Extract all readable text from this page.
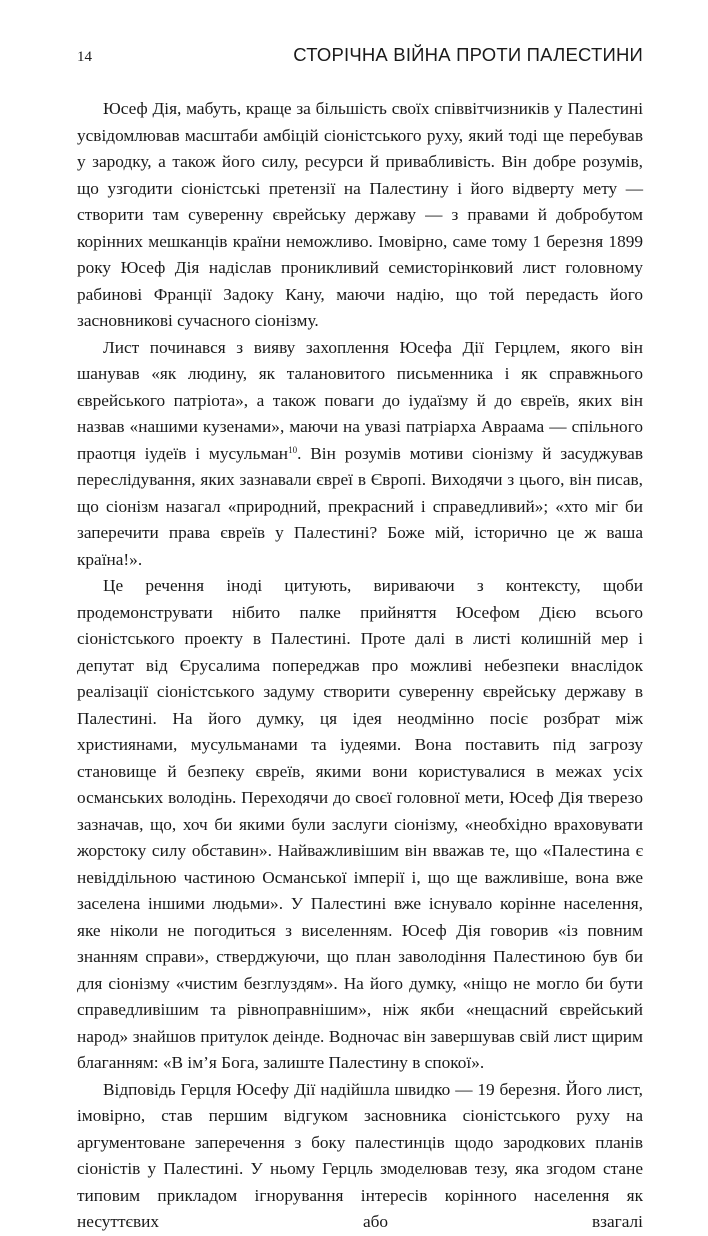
14	СТОРІЧНА ВІЙНА ПРОТИ ПАЛЕСТИНИ

Юсеф Дія, мабуть, краще за більшість своїх співвітчизників у Палестині усвідомлював масштаби амбіцій сіоністського руху, який тоді ще перебував у зародку, а також його силу, ресурси й привабливість. Він добре розумів, що узгодити сіоністські претензії на Палестину і його відверту мету — створити там суверенну єврейську державу — з правами й добробутом корінних мешканців країни неможливо. Імовірно, саме тому 1 березня 1899 року Юсеф Дія надіслав проникливий семисторінковий лист головному рабинові Франції Задоку Кану, маючи надію, що той передасть його засновникові сучасного сіонізму.

Лист починався з вияву захоплення Юсефа Дії Герцлем, якого він шанував «як людину, як талановитого письменника і як справжнього єврейського патріота», а також поваги до іудаїзму й до євреїв, яких він назвав «нашими кузенами», маючи на увазі патріарха Авраама — спільного праотця іудеїв і мусульман$^{10}$. Він розумів мотиви сіонізму й засуджував переслідування, яких зазнавали євреї в Європі. Виходячи з цього, він писав, що сіонізм назагал «природний, прекрасний і справедливий»; «хто міг би заперечити права євреїв у Палестині? Боже мій, історично це ж ваша країна!».

Це речення іноді цитують, вириваючи з контексту, щоби продемонструвати нібито палке прийняття Юсефом Дією всього сіоністського проекту в Палестині. Проте далі в листі колишній мер і депутат від Єрусалима попереджав про можливі небезпеки внаслідок реалізації сіоністського задуму створити суверенну єврейську державу в Палестині. На його думку, ця ідея неодмінно посіє розбрат між християнами, мусульманами та іудеями. Вона поставить під загрозу становище й безпеку євреїв, якими вони користувалися в межах усіх османських володінь. Переходячи до своєї головної мети, Юсеф Дія тверезо зазначав, що, хоч би якими були заслуги сіонізму, «необхідно враховувати жорстоку силу обставин». Найважливішим він вважав те, що «Палестина є невіддільною частиною Османської імперії і, що ще важливіше, вона вже заселена іншими людьми». У Палестині вже існувало корінне населення, яке ніколи не погодиться з виселенням. Юсеф Дія говорив «із повним знанням справи», стверджуючи, що план заволодіння Палестиною був би для сіонізму «чистим безглуздям». На його думку, «ніщо не могло би бути справедливішим та рівноправнішим», ніж якби «нещасний єврейський народ» знайшов притулок деінде. Водночас він завершував свій лист щирим благанням: «В ім’я Бога, залиште Палестину в спокої».

Відповідь Герцля Юсефу Дії надійшла швидко — 19 березня. Його лист, імовірно, став першим відгуком засновника сіоністського руху на аргументоване заперечення з боку палестинців щодо зародкових планів сіоністів у Палестині. У ньому Герцль змоделював тезу, яка згодом стане типовим прикладом ігнорування інтересів корінного населення як несуттєвих або взагалі
